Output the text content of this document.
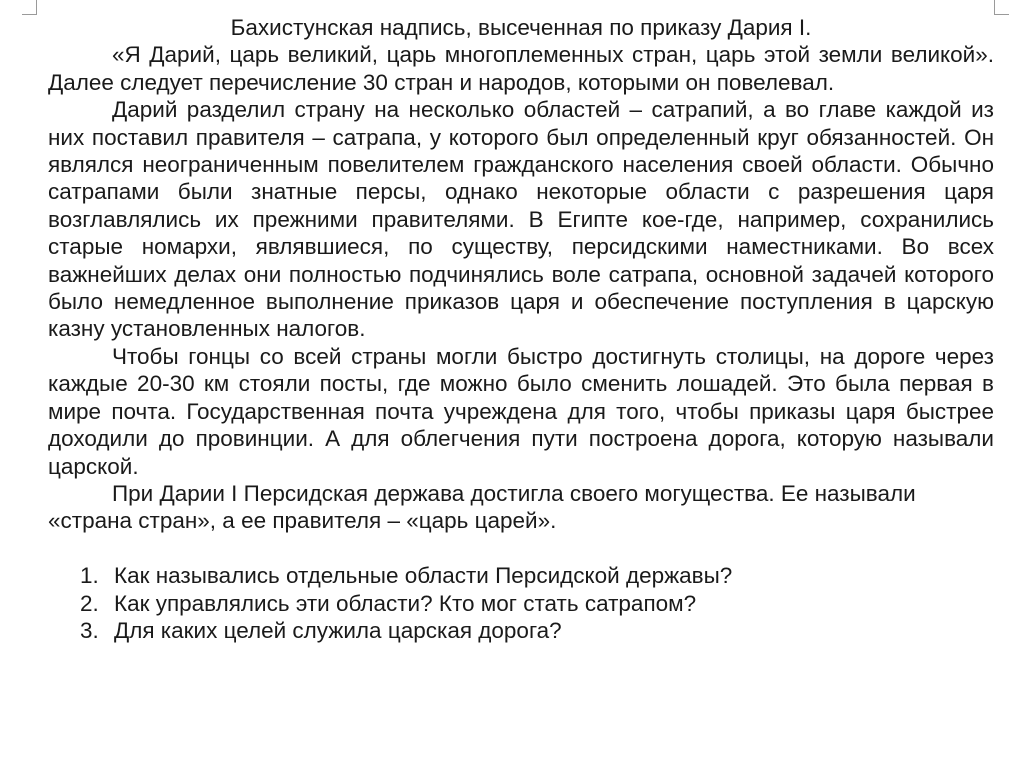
Бахистунская надпись, высеченная по приказу Дария I.

«Я Дарий, царь великий, царь многоплеменных стран, царь этой земли великой». Далее следует перечисление 30 стран и народов, которыми он повелевал.

Дарий разделил страну на несколько областей – сатрапий, а во главе каждой из них поставил правителя – сатрапа, у которого был определенный круг обязанностей. Он являлся неограниченным повелителем гражданского населения своей области. Обычно сатрапами были знатные персы, однако некоторые области с разрешения царя возглавлялись их прежними правителями. В Египте кое-где, например, сохранились старые номархи, являвшиеся, по существу, персидскими наместниками. Во всех важнейших делах они полностью подчинялись воле сатрапа, основной задачей которого было немедленное выполнение приказов царя и обеспечение поступления в царскую казну установленных налогов.

Чтобы гонцы со всей страны могли быстро достигнуть столицы, на дороге через каждые 20-30 км стояли посты, где можно было сменить лошадей. Это была первая в мире почта. Государственная почта учреждена для того, чтобы приказы царя быстрее доходили до провинции. А для облегчения пути построена дорога, которую называли царской.

При Дарии I Персидская держава достигла своего могущества. Ее называли «страна стран», а ее правителя – «царь царей».

1. Как назывались отдельные области Персидской державы?
2. Как управлялись эти области? Кто мог стать сатрапом?
3. Для каких целей служила царская дорога?
